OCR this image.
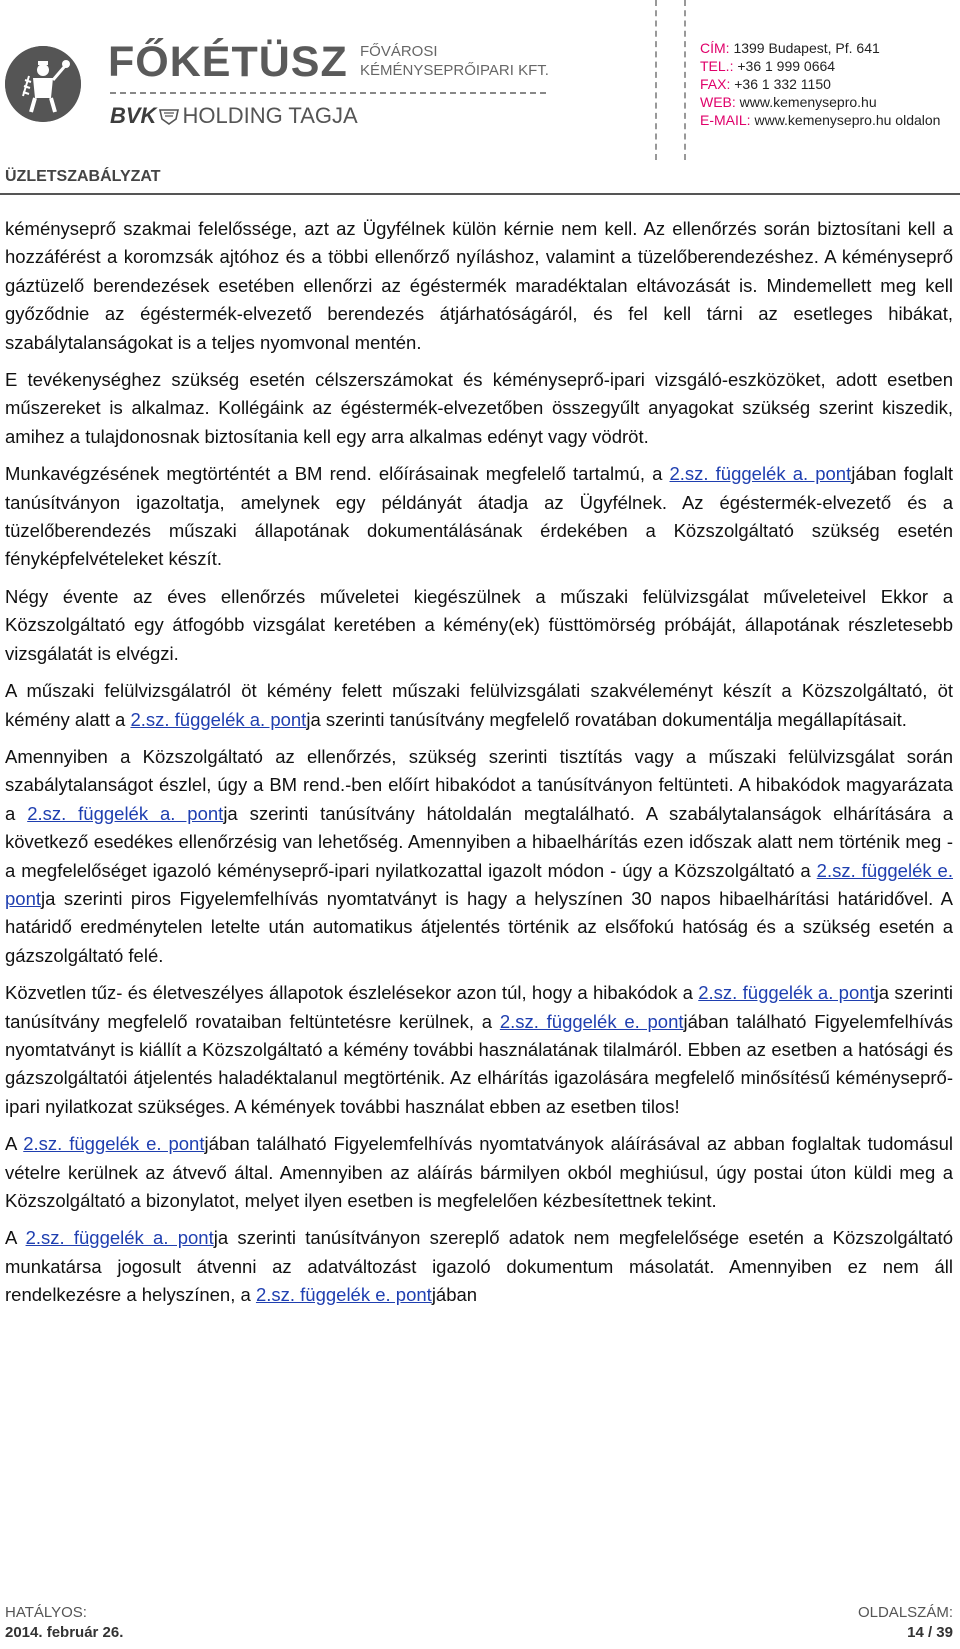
FŐKÉTÜSZ FŐVÁROSI
KÉMÉNYSEPRŐIPARI KFT.
BVK HOLDING TAGJA
CÍM: 1399 Budapest, Pf. 641
TEL.: +36 1 999 0664
FAX: +36 1 332 1150
WEB: www.kemenysepro.hu
E-MAIL: www.kemenysepro.hu oldalon
ÜZLETSZABÁLYZAT

kéményseprő szakmai felelőssége, azt az Ügyfélnek külön kérnie nem kell. Az ellenőrzés során biztosítani kell a hozzáférést a koromzsák ajtóhoz és a többi ellenőrző nyíláshoz, valamint a tüzelőberendezéshez. A kéményseprő gáztüzelő berendezések esetében ellenőrzi az égéstermék maradéktalan eltávozását is. Mindemellett meg kell győződnie az égéstermék-elvezető berendezés átjárhatóságáról, és fel kell tárni az esetleges hibákat, szabálytalanságokat is a teljes nyomvonal mentén.

E tevékenységhez szükség esetén célszerszámokat és kéményseprő-ipari vizsgáló-eszközöket, adott esetben műszereket is alkalmaz. Kollégáink az égéstermék-elvezetőben összegyűlt anyagokat szükség szerint kiszedik, amihez a tulajdonosnak biztosítania kell egy arra alkalmas edényt vagy vödröt.

Munkavégzésének megtörténtét a BM rend. előírásainak megfelelő tartalmú, a 2.sz. függelék a. pontjában foglalt tanúsítványon igazoltatja, amelynek egy példányát átadja az Ügyfélnek. Az égéstermék-elvezető és a tüzelőberendezés műszaki állapotának dokumentálásának érdekében a Közszolgáltató szükség esetén fényképfelvételeket készít.

Négy évente az éves ellenőrzés műveletei kiegészülnek a műszaki felülvizsgálat műveleteivel Ekkor a Közszolgáltató egy átfogóbb vizsgálat keretében a kémény(ek) füsttömörség próbáját, állapotának részletesebb vizsgálatát is elvégzi.

A műszaki felülvizsgálatról öt kémény felett műszaki felülvizsgálati szakvéleményt készít a Közszolgáltató, öt kémény alatt a 2.sz. függelék a. pontja szerinti tanúsítvány megfelelő rovatában dokumentálja megállapításait.

Amennyiben a Közszolgáltató az ellenőrzés, szükség szerinti tisztítás vagy a műszaki felülvizsgálat során szabálytalanságot észlel, úgy a BM rend.-ben előírt hibakódot a tanúsítványon feltünteti. A hibakódok magyarázata a 2.sz. függelék a. pontja szerinti tanúsítvány hátoldalán megtalálható. A szabálytalanságok elhárítására a következő esedékes ellenőrzésig van lehetőség. Amennyiben a hibaelhárítás ezen időszak alatt nem történik meg - a megfelelőséget igazoló kéményseprő-ipari nyilatkozattal igazolt módon - úgy a Közszolgáltató a 2.sz. függelék e. pontja szerinti piros Figyelemfelhívás nyomtatványt is hagy a helyszínen 30 napos hibaelhárítási határidővel. A határidő eredménytelen letelte után automatikus átjelentés történik az elsőfokú hatóság és a szükség esetén a gázszolgáltató felé.

Közvetlen tűz- és életveszélyes állapotok észlelésekor azon túl, hogy a hibakódok a 2.sz. függelék a. pontja szerinti tanúsítvány megfelelő rovataiban feltüntetésre kerülnek, a 2.sz. függelék e. pontjában található Figyelemfelhívás nyomtatványt is kiállít a Közszolgáltató a kémény további használatának tilalmáról. Ebben az esetben a hatósági és gázszolgáltatói átjelentés haladéktalanul megtörténik. Az elhárítás igazolására megfelelő minősítésű kéményseprő-ipari nyilatkozat szükséges. A kémények további használat ebben az esetben tilos!

A 2.sz. függelék e. pontjában található Figyelemfelhívás nyomtatványok aláírásával az abban foglaltak tudomásul vételre kerülnek az átvevő által. Amennyiben az aláírás bármilyen okból meghiúsul, úgy postai úton küldi meg a Közszolgáltató a bizonylatot, melyet ilyen esetben is megfelelően kézbesítettnek tekint.

A 2.sz. függelék a. pontja szerinti tanúsítványon szereplő adatok nem megfelelősége esetén a Közszolgáltató munkatársa jogosult átvenni az adatváltozást igazoló dokumentum másolatát. Amennyiben ez nem áll rendelkezésre a helyszínen, a 2.sz. függelék e. pontjában

HATÁLYOS:
2014. február 26.
OLDALSZÁM:
14 / 39
